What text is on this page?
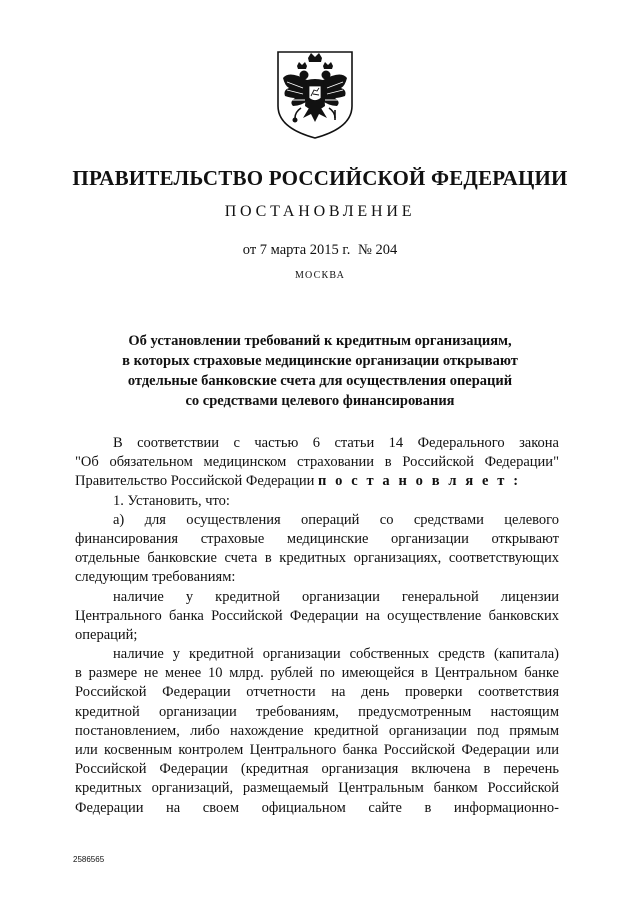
ПРАВИТЕЛЬСТВО РОССИЙСКОЙ ФЕДЕРАЦИИ
ПОСТАНОВЛЕНИЕ
от 7 марта 2015 г. № 204
МОСКВА
Об установлении требований к кредитным организациям,
в которых страховые медицинские организации открывают
отдельные банковские счета для осуществления операций
со средствами целевого финансирования
В соответствии с частью 6 статьи 14 Федерального закона
"Об обязательном медицинском страховании в Российской Федерации"
Правительство Российской Федерации п о с т а н о в л я е т :
1. Установить, что:
а) для осуществления операций со средствами целевого
финансирования страховые медицинские организации открывают
отдельные банковские счета в кредитных организациях, соответствующих
следующим требованиям:
наличие у кредитной организации генеральной лицензии
Центрального банка Российской Федерации на осуществление банковских
операций;
наличие у кредитной организации собственных средств (капитала)
в размере не менее 10 млрд. рублей по имеющейся в Центральном банке
Российской Федерации отчетности на день проверки соответствия
кредитной организации требованиям, предусмотренным настоящим
постановлением, либо нахождение кредитной организации под прямым
или косвенным контролем Центрального банка Российской Федерации или
Российской Федерации (кредитная организация включена в перечень
кредитных организаций, размещаемый Центральным банком Российской
Федерации на своем официальном сайте в информационно-
2586565
